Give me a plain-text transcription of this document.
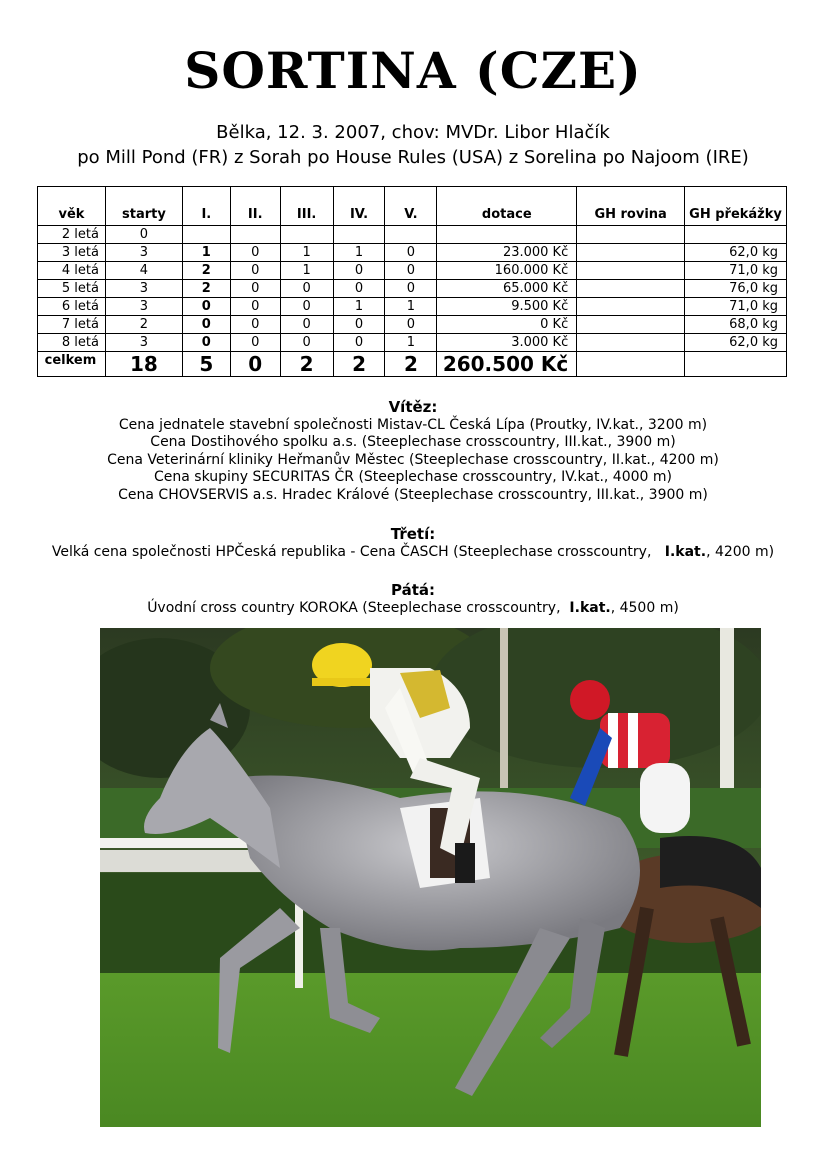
SORTINA (CZE)
Bělka, 12. 3. 2007, chov: MVDr. Libor Hlačík
po Mill Pond (FR) z Sorah po House Rules (USA) z Sorelina po Najoom (IRE)
věk	starty	I.	II.	III.	IV.	V.	dotace	GH rovina	GH překážky
2 letá	0								
3 letá	3	1	0	1	1	0	23.000 Kč		62,0 kg
4 letá	4	2	0	1	0	0	160.000 Kč		71,0 kg
5 letá	3	2	0	0	0	0	65.000 Kč		76,0 kg
6 letá	3	0	0	0	1	1	9.500 Kč		71,0 kg
7 letá	2	0	0	0	0	0	0 Kč		68,0 kg
8 letá	3	0	0	0	0	1	3.000 Kč		62,0 kg
celkem	18	5	0	2	2	2	260.500 Kč		
Vítěz:
Cena jednatele stavební společnosti Mistav-CL Česká Lípa (Proutky, IV.kat., 3200 m)
Cena Dostihového spolku a.s. (Steeplechase crosscountry, III.kat., 3900 m)
Cena Veterinární kliniky Heřmanův Městec (Steeplechase crosscountry, II.kat., 4200 m)
Cena skupiny SECURITAS ČR (Steeplechase crosscountry, IV.kat., 4000 m)
Cena CHOVSERVIS a.s. Hradec Králové (Steeplechase crosscountry, III.kat., 3900 m)
Třetí:
Velká cena společnosti HPČeská republika - Cena ČASCH (Steeplechase crosscountry, I.kat., 4200 m)
Pátá:
Úvodní cross country KOROKA (Steeplechase crosscountry, I.kat., 4500 m)
